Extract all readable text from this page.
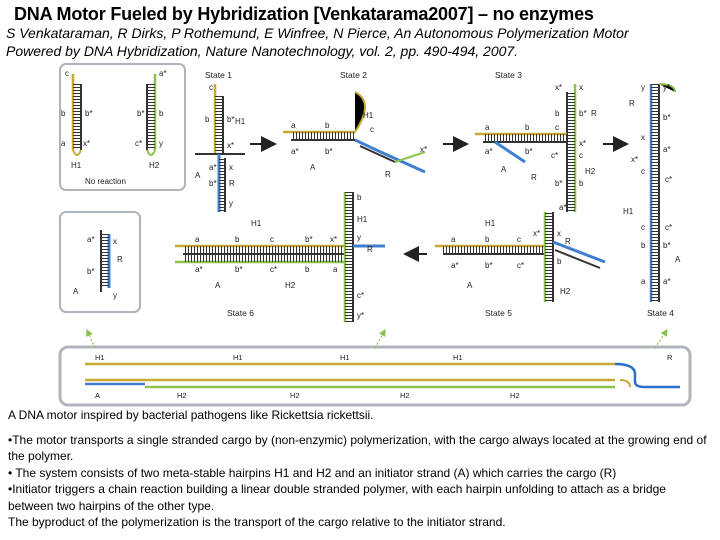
DNA Motor Fueled by Hybridization [Venkatarama2007] – no enzymes
S Venkataraman, R Dirks, P Rothemund, E Winfree, N Pierce, An Autonomous Polymerization Motor
Powered by DNA Hybridization, Nature Nanotechnology, vol. 2, pp. 490-494, 2007.
c
b b*
a x*
H1
a*
b* b
c* y
H2
No reaction
State 1
c
b b*
x*
a* x
b* R
A
y
H1
State 2
a	b
a*	b*
H1
c
A
R
x*
State 3
x* x
b b* R
a	b	c
a*	b* c*	c
x*
A
R
H2
b* b
a*
State 4
y y*
R
b*
x
a*
x*
c
c*
H1
c*
c
b b*
A
a a*
a* x
b*
R
A	y
State 6
a	b	c	b* x*
a*	b*	c*	b	a
b
H1
H1
y
R
A	H2
c*
y*	State 5
a	b	c
a*	b*	c*
x* x
R
b
H2
H1
A
H1	H1	H1	H1	R
A	H2	H2	H2	H2

A DNA motor inspired by bacterial pathogens like Rickettsia rickettsii.

•The motor transports a single stranded cargo by (non-enzymic) polymerization, with the cargo always located at the growing end of the polymer.

• The system consists of two meta-stable hairpins H1 and H2 and an initiator strand (A) which carries the cargo (R)

•Initiator triggers a chain reaction building a linear double stranded polymer, with each hairpin unfolding to attach as a bridge between two hairpins of the other type.

The byproduct of the polymerization is the transport of the cargo relative to the initiator strand.
